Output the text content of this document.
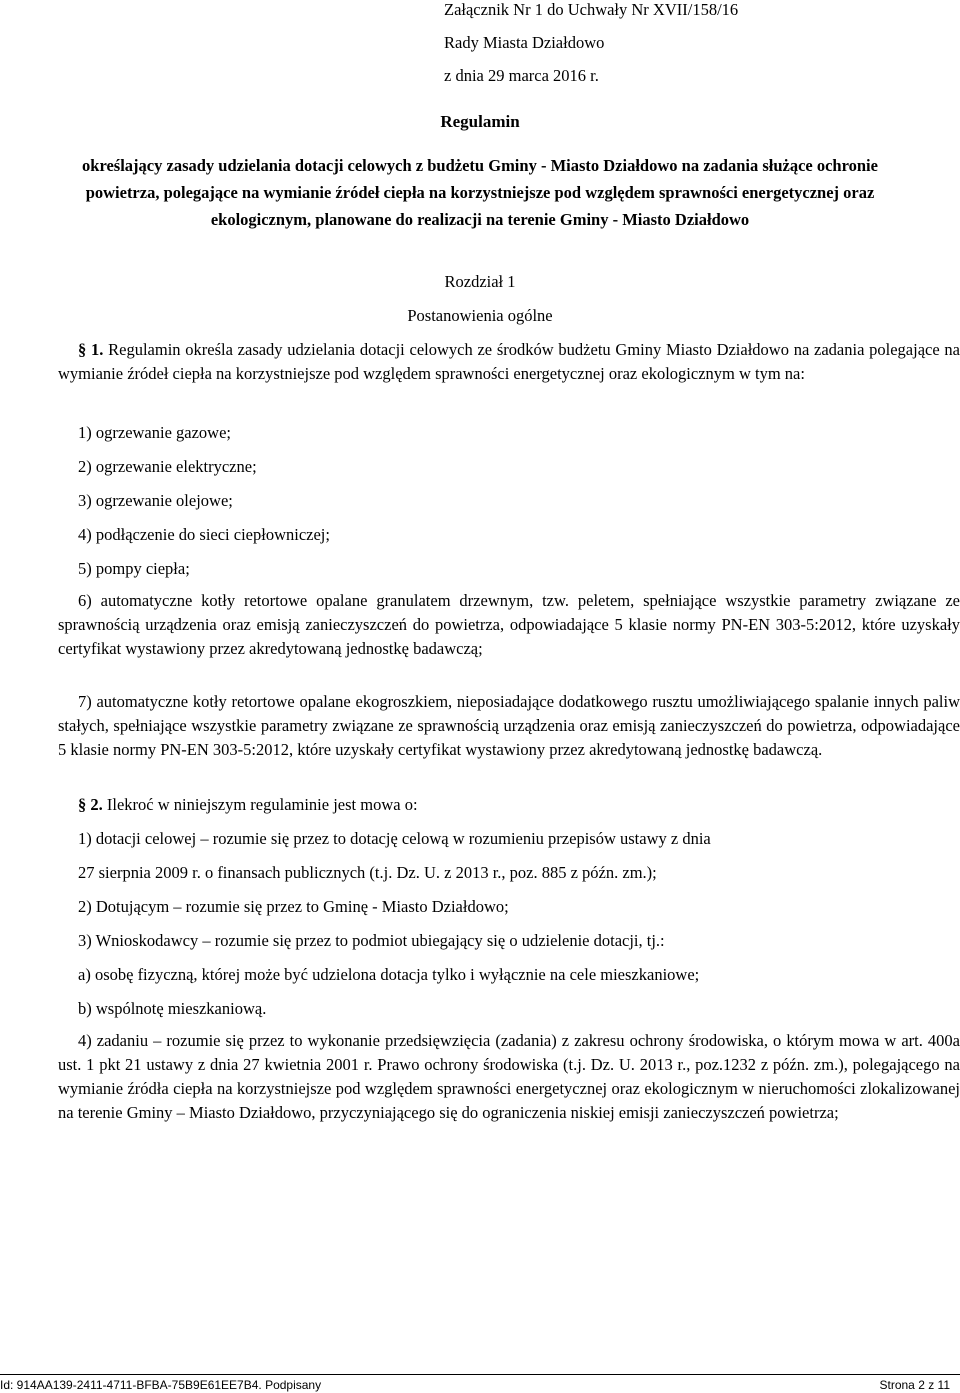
Załącznik Nr 1 do Uchwały Nr XVII/158/16
Rady Miasta Działdowo
z dnia 29 marca 2016 r.
Regulamin
określający zasady udzielania dotacji celowych z budżetu Gminy - Miasto Działdowo na zadania służące ochronie powietrza, polegające na wymianie źródeł ciepła na korzystniejsze pod względem sprawności energetycznej oraz ekologicznym, planowane do realizacji na terenie Gminy - Miasto Działdowo
Rozdział 1
Postanowienia ogólne
§ 1. Regulamin określa zasady udzielania dotacji celowych ze środków budżetu Gminy Miasto Działdowo na zadania polegające na wymianie źródeł ciepła na korzystniejsze pod względem sprawności energetycznej oraz ekologicznym w tym na:
1) ogrzewanie gazowe;
2) ogrzewanie elektryczne;
3) ogrzewanie olejowe;
4) podłączenie do sieci ciepłowniczej;
5) pompy ciepła;
6) automatyczne kotły retortowe opalane granulatem drzewnym, tzw. peletem, spełniające wszystkie parametry związane ze sprawnością urządzenia oraz emisją zanieczyszczeń do powietrza, odpowiadające 5 klasie normy PN-EN 303-5:2012, które uzyskały certyfikat wystawiony przez akredytowaną jednostkę badawczą;
7) automatyczne kotły retortowe opalane ekogroszkiem, nieposiadające dodatkowego rusztu umożliwiającego spalanie innych paliw stałych, spełniające wszystkie parametry związane ze sprawnością urządzenia oraz emisją zanieczyszczeń do powietrza, odpowiadające 5 klasie normy PN-EN 303-5:2012, które uzyskały certyfikat wystawiony przez akredytowaną jednostkę badawczą.
§ 2. Ilekroć w niniejszym regulaminie jest mowa o:
1) dotacji celowej – rozumie się przez to dotację celową w rozumieniu przepisów ustawy z dnia
27 sierpnia 2009 r. o finansach publicznych (t.j. Dz. U. z 2013 r., poz. 885 z późn. zm.);
2) Dotującym – rozumie się przez to Gminę - Miasto Działdowo;
3) Wnioskodawcy – rozumie się przez to podmiot ubiegający się o udzielenie dotacji, tj.:
a) osobę fizyczną, której może być udzielona dotacja tylko i wyłącznie na cele mieszkaniowe;
b) wspólnotę mieszkaniową.
4) zadaniu – rozumie się przez to wykonanie przedsięwzięcia (zadania) z zakresu ochrony środowiska, o którym mowa w art. 400a ust. 1 pkt 21 ustawy z dnia 27 kwietnia 2001 r. Prawo ochrony środowiska (t.j. Dz. U. 2013 r., poz.1232 z późn. zm.), polegającego na wymianie źródła ciepła na korzystniejsze pod względem sprawności energetycznej oraz ekologicznym w nieruchomości zlokalizowanej na terenie Gminy – Miasto Działdowo, przyczyniającego się do ograniczenia niskiej emisji zanieczyszczeń powietrza;
Id: 914AA139-2411-4711-BFBA-75B9E61EE7B4. Podpisany	Strona 2 z 11
